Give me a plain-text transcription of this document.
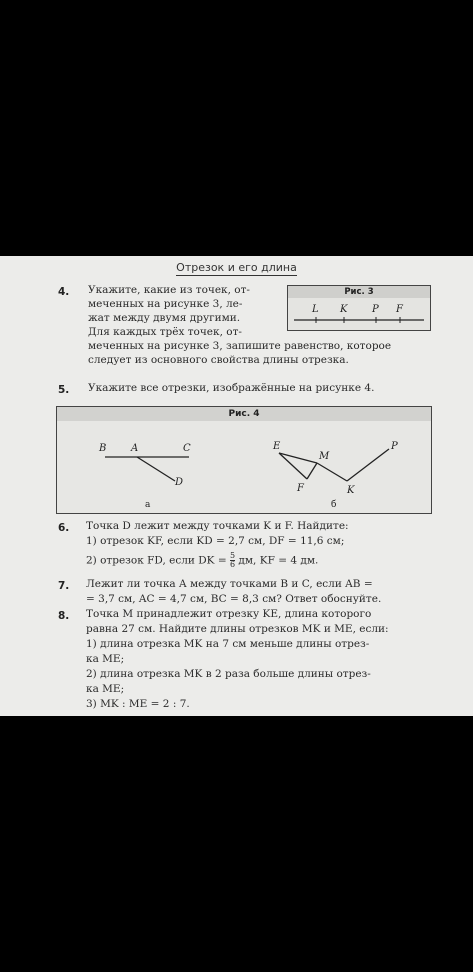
Отрезок и его длина
4. Укажите, какие из точек, от-
меченных на рисунке 3, ле-
жат между двумя другими.
Для каждых трёх точек, от-
меченных на рисунке 3, запишите равенство, которое
следует из основного свойства длины отрезка.
Рис. 3
L K P F
5. Укажите все отрезки, изображённые на рисунке 4.
Рис. 4
B A	C
D
E
M
P
F	K
а	б
6. Точка D лежит между точками K и F. Найдите:
1) отрезок KF, если KD = 2,7 см, DF = 11,6 см;
2) отрезок FD, если DK = $\frac{5}{6}$ дм, KF = 4 дм.
7. Лежит ли точка A между точками B и C, если AB =
= 3,7 см, AC = 4,7 см, BC = 8,3 см? Ответ обоснуйте.
8. Точка M принадлежит отрезку KE, длина которого
равна 27 см. Найдите длины отрезков MK и ME, если:
1) длина отрезка MK на 7 см меньше длины отрез-
ка ME;
2) длина отрезка MK в 2 раза больше длины отрез-
ка ME;
3) MK : ME = 2 : 7.
